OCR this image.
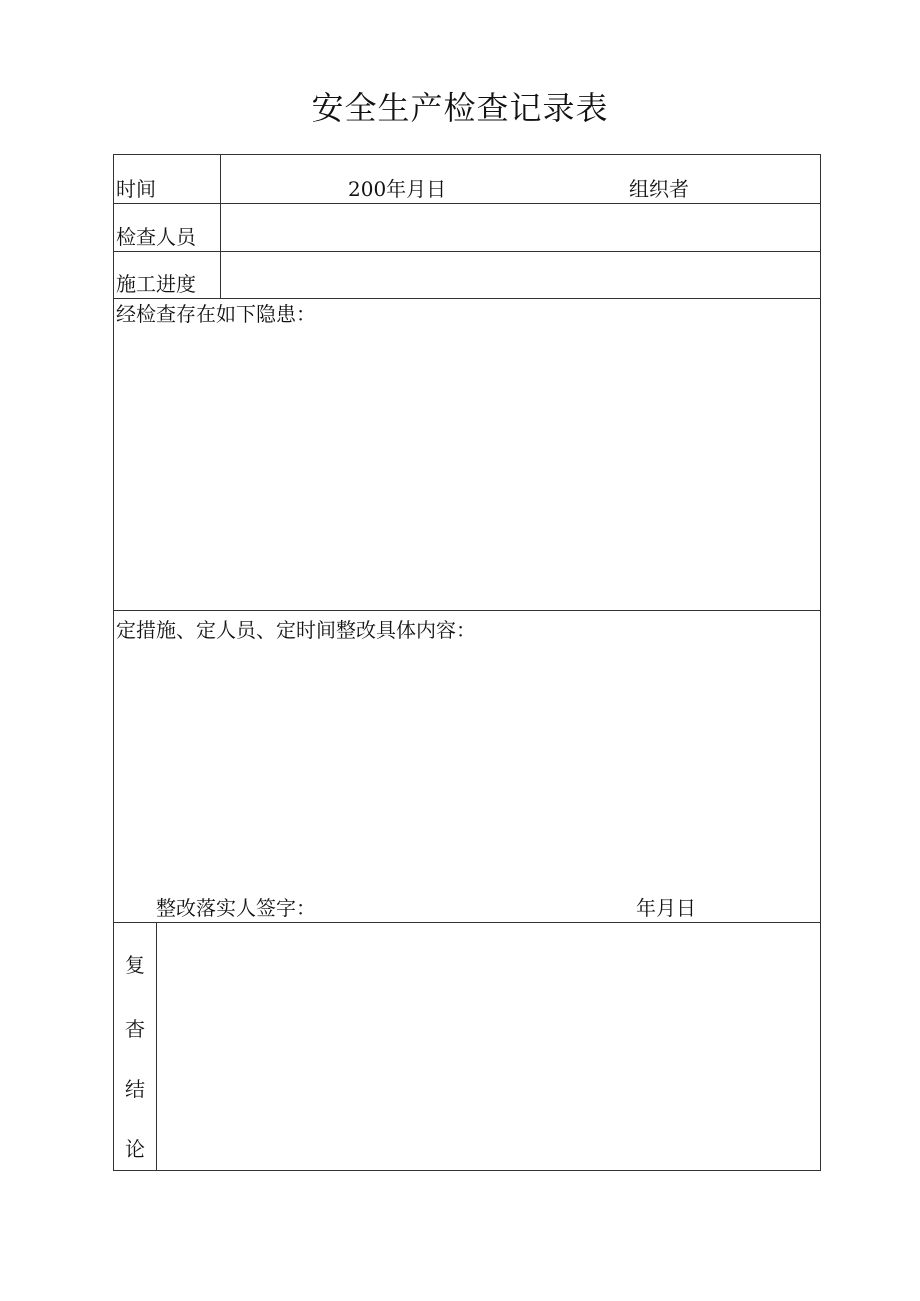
安全生产检查记录表
时间	200年月日	组织者
检查人员
施工进度
经检查存在如下隐患：
定措施、定人员、定时间整改具体内容：
整改落实人签字：	年月日
复
杳
结
论
